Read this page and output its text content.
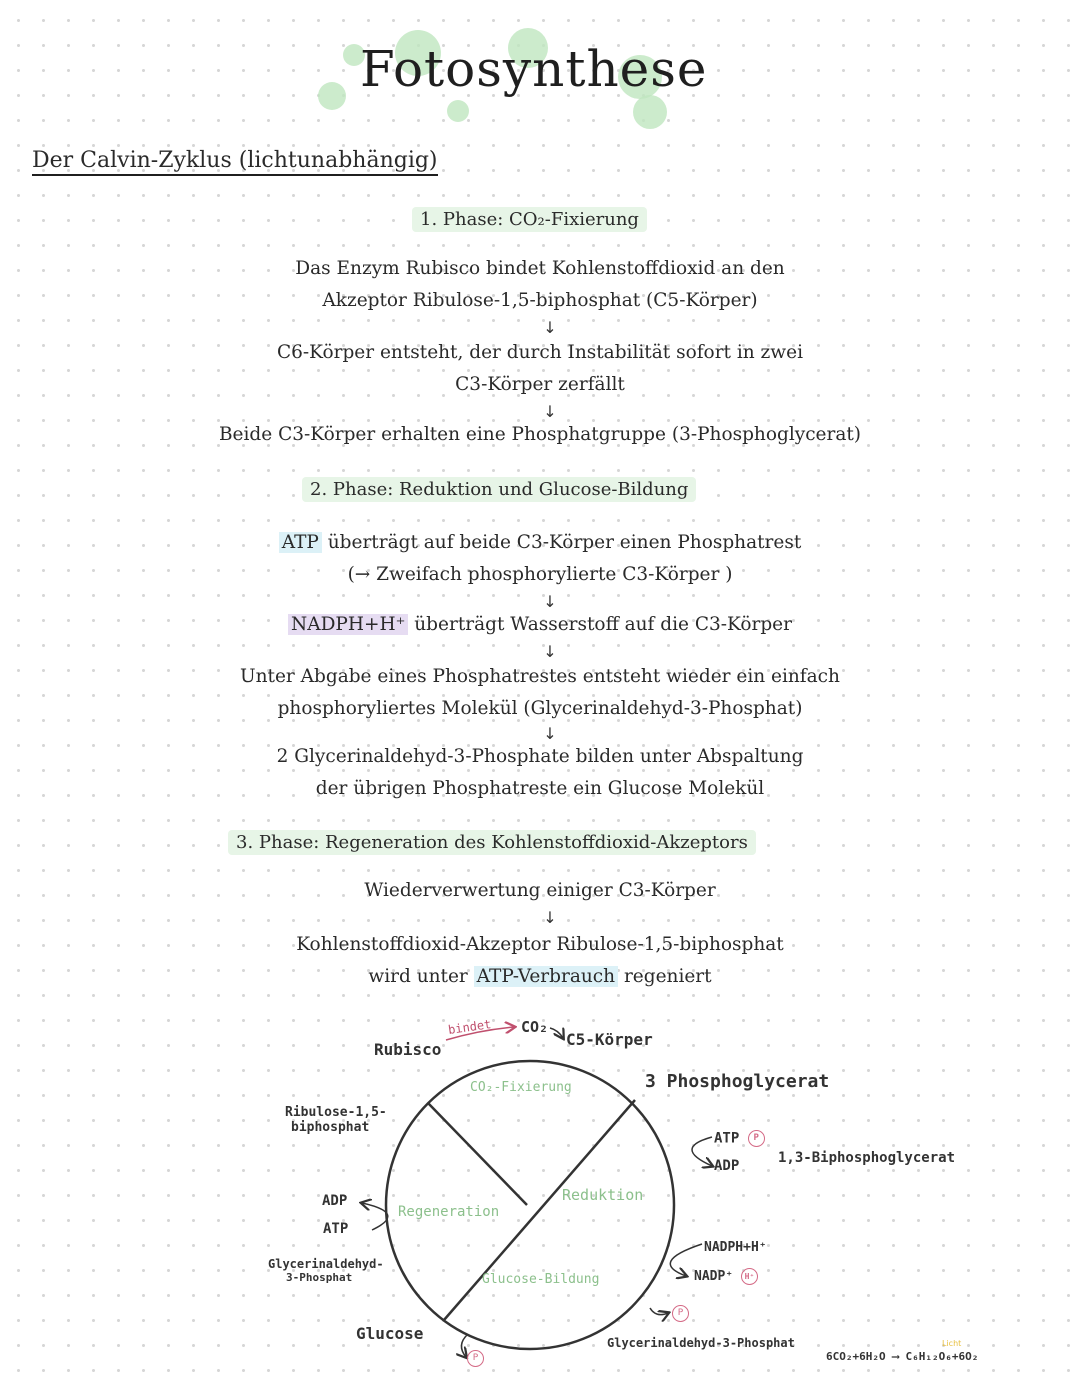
Fotosynthese
Der Calvin-Zyklus (lichtunabhängig)
1. Phase: CO₂-Fixierung
Das Enzym Rubisco bindet Kohlenstoffdioxid an den
Akzeptor Ribulose-1,5-biphosphat (C5-Körper)
↓
C6-Körper entsteht, der durch Instabilität sofort in zwei
C3-Körper zerfällt
↓
Beide C3-Körper erhalten eine Phosphatgruppe (3-Phosphoglycerat)
2. Phase: Reduktion und Glucose-Bildung
ATP überträgt auf beide C3-Körper einen Phosphatrest
(→ Zweifach phosphorylierte C3-Körper )
↓
NADPH+H⁺ überträgt Wasserstoff auf die C3-Körper
↓
Unter Abgabe eines Phosphatrestes entsteht wieder ein einfach
phosphoryliertes Molekül (Glycerinaldehyd-3-Phosphat)
↓
2 Glycerinaldehyd-3-Phosphate bilden unter Abspaltung
der übrigen Phosphatreste ein Glucose Molekül
3. Phase: Regeneration des Kohlenstoffdioxid-Akzeptors
Wiederverwertung einiger C3-Körper
↓
Kohlenstoffdioxid-Akzeptor Ribulose-1,5-biphosphat
wird unter ATP-Verbrauch regeniert
Rubisco
bindet CO₂
C5-Körper
3 Phosphoglycerat
Ribulose-1,5-
biphosphat
CO₂-Fixierung
Reduktion
Regeneration
Glucose-Bildung
ATP P
ADP	1,3-Biphosphoglycerat
ADP
ATP
Glycerinaldehyd-
3-Phosphat
Glucose
P
NADPH+H⁺
NADP⁺ H⁺
P
Glycerinaldehyd-3-Phosphat	Licht
6CO₂+6H₂O ⟶ C₆H₁₂O₆+6O₂
